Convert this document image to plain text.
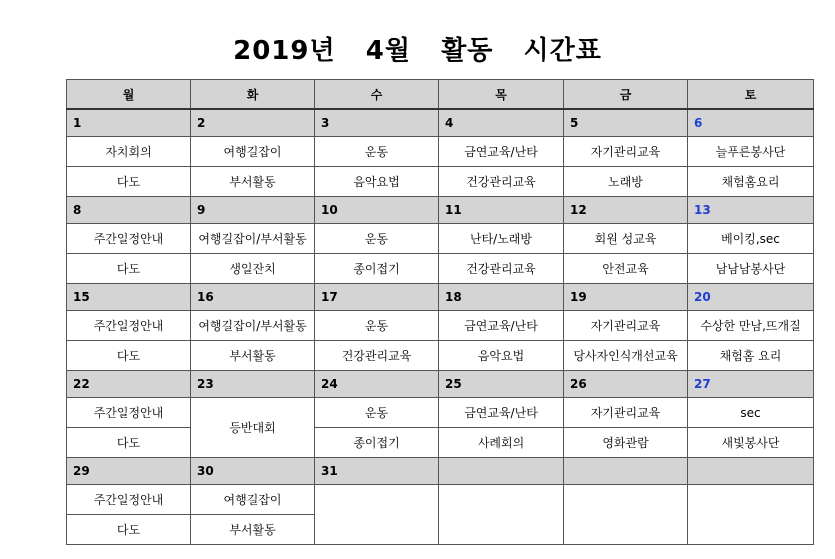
2019년   4월   활동   시간표
월	화	수	목	금	토
1	2	3	4	5	6
자치회의	여행길잡이	운동	금연교육/난타	자기관리교육	늘푸른봉사단
다도	부서활동	음악요법	건강관리교육	노래방	채험홈요리
8	9	10	11	12	13
주간일정안내	여행길잡이/부서활동	운동	난타/노래방	회원 성교육	베이킹,sec
다도	생일잔치	종이접기	건강관리교육	안전교육	남남남봉사단
15	16	17	18	19	20
주간일정안내	여행길잡이/부서활동	운동	금연교육/난타	자기관리교육	수상한 만남,뜨개질
다도	부서활동	건강관리교육	음악요법	당사자인식개선교육	채험홈 요리
22	23	24	25	26	27
주간일정안내	등반대회	운동	금연교육/난타	자기관리교육	sec
다도		종이접기	사례회의	영화관람	새빛봉사단
29	30	31			
주간일정안내	여행길잡이				
다도	부서활동				
